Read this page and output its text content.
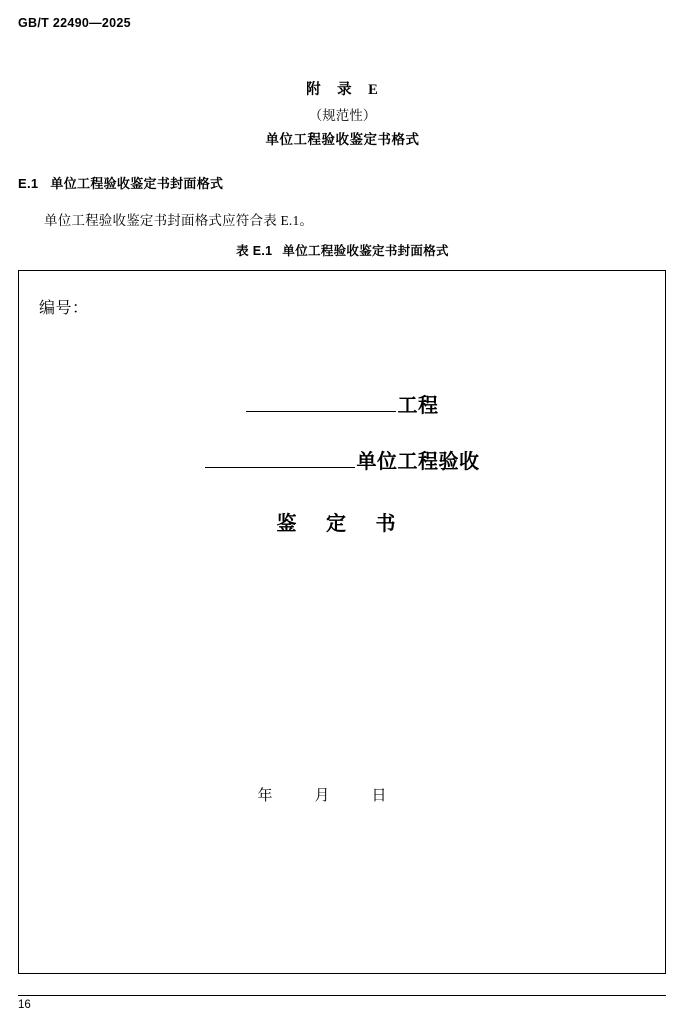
GB/T 22490—2025
附　录　E
（规范性）
单位工程验收鉴定书格式
E.1 单位工程验收鉴定书封面格式
单位工程验收鉴定书封面格式应符合表 E.1。
表 E.1 单位工程验收鉴定书封面格式
编号：
工程
单位工程验收
鉴 定 书
年	月	日
16
